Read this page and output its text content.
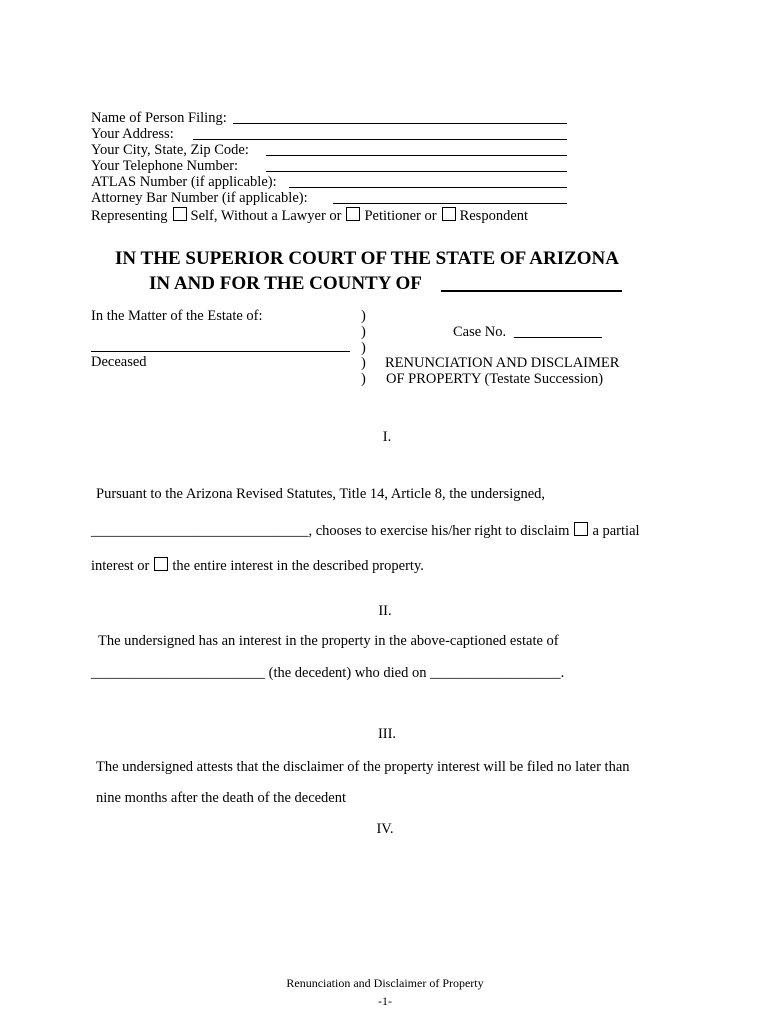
Name of Person Filing:
Your Address:
Your City, State, Zip Code:
Your Telephone Number:
ATLAS Number (if applicable):
Attorney Bar Number (if applicable):
Representing Self, Without a Lawyer or Petitioner or Respondent
IN THE SUPERIOR COURT OF THE STATE OF ARIZONA
IN AND FOR THE COUNTY OF
In the Matter of the Estate of:
Deceased
)
)
)
)
)
Case No.
RENUNCIATION AND DISCLAIMER
OF PROPERTY (Testate Succession)
I.
Pursuant to the Arizona Revised Statutes, Title 14, Article 8, the undersigned,
______________________________, chooses to exercise his/her right to disclaim a partial
interest or the entire interest in the described property.
II.
The undersigned has an interest in the property in the above-captioned estate of
________________________ (the decedent) who died on __________________.
III.
The undersigned attests that the disclaimer of the property interest will be filed no later than
nine months after the death of the decedent
IV.
Renunciation and Disclaimer of Property
-1-
